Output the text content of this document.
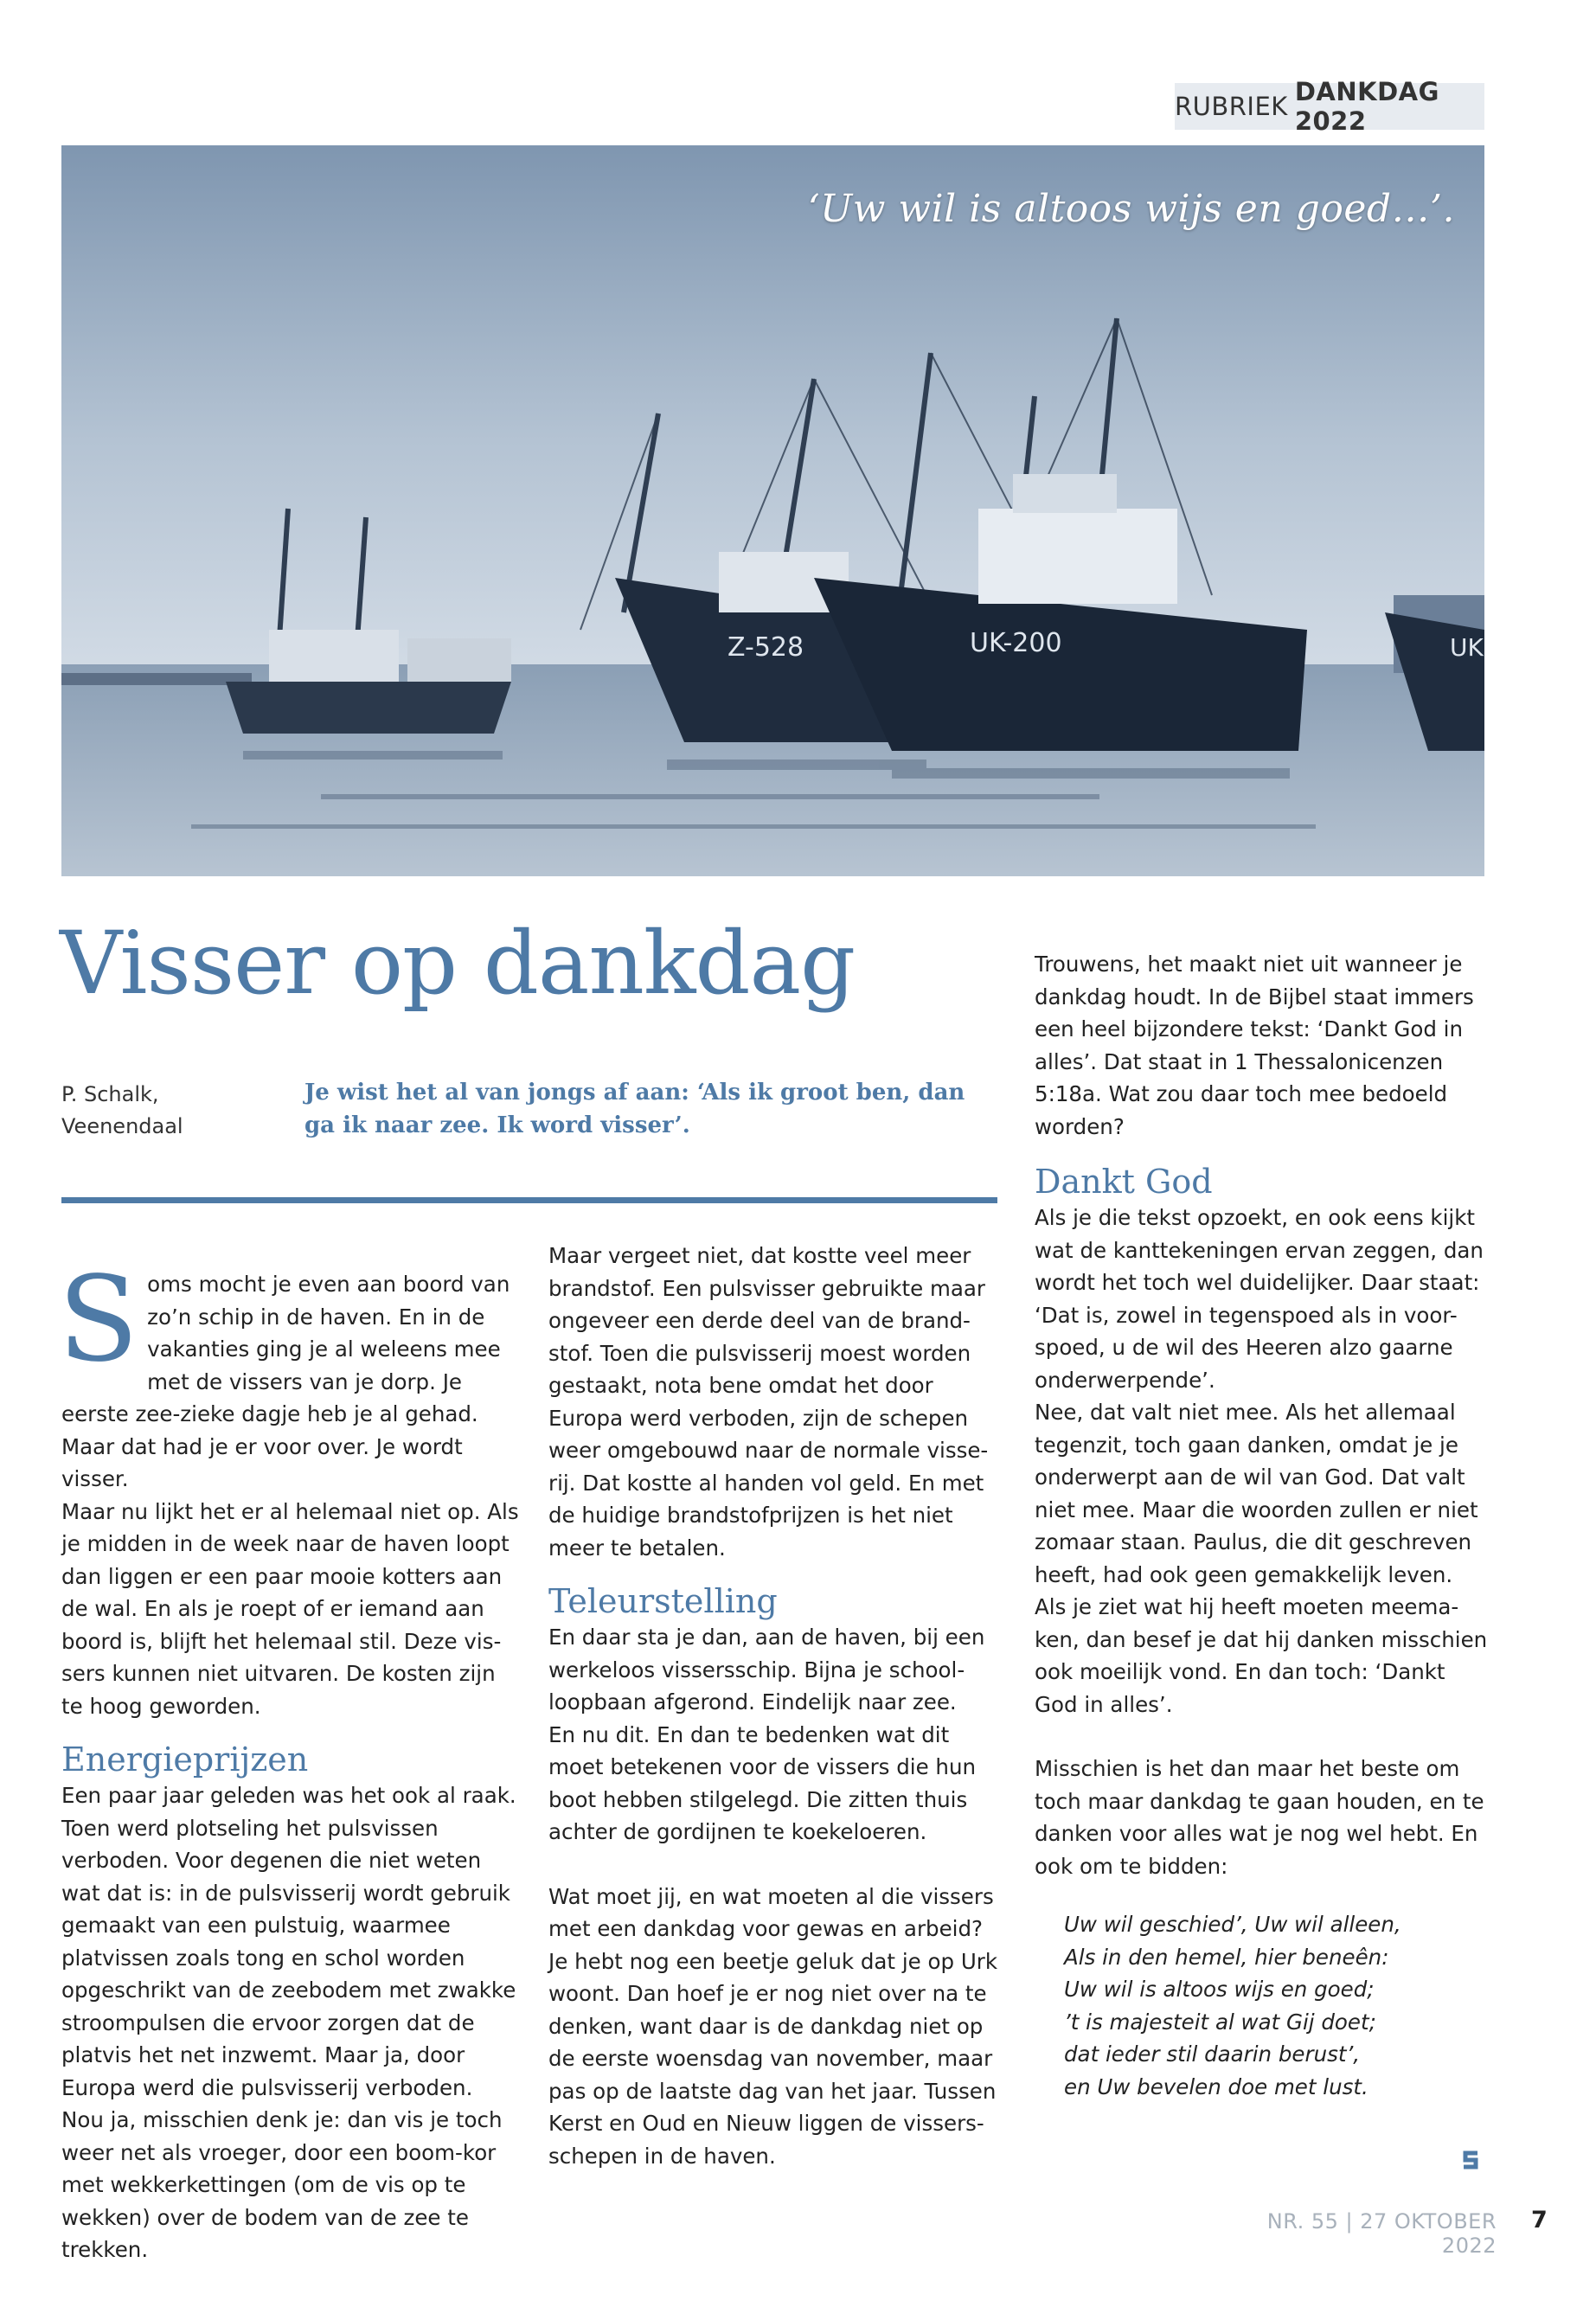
RUBRIEK DANKDAG 2022
Z-528	UK-200	UK
‘Uw wil is altoos wijs en goed…’.
Visser op dankdag
P. Schalk,
Veenendaal
Je wist het al van jongs af aan: ‘Als ik groot ben, dan ga ik naar zee. Ik word visser’.

Soms mocht je even aan boord van zo’n schip in de haven. En in de vakanties ging je al weleens mee met de vissers van je dorp. Je eerste zee-zieke dagje heb je al gehad. Maar dat had je er voor over. Je wordt visser.

Maar nu lijkt het er al helemaal niet op. Als je midden in de week naar de haven loopt dan liggen er een paar mooie kotters aan de wal. En als je roept of er iemand aan boord is, blijft het helemaal stil. Deze vis-sers kunnen niet uitvaren. De kosten zijn te hoog geworden.

Energieprijzen

Een paar jaar geleden was het ook al raak. Toen werd plotseling het pulsvissen verboden. Voor degenen die niet weten wat dat is: in de pulsvisserij wordt gebruik gemaakt van een pulstuig, waarmee platvissen zoals tong en schol worden opgeschrikt van de zeebodem met zwakke stroompulsen die ervoor zorgen dat de platvis het net inzwemt. Maar ja, door Europa werd die pulsvisserij verboden.

Nou ja, misschien denk je: dan vis je toch weer net als vroeger, door een boom-kor met wekkerkettingen (om de vis op te wekken) over de bodem van de zee te trekken.

Maar vergeet niet, dat kostte veel meer brandstof. Een pulsvisser gebruikte maar ongeveer een derde deel van de brand-stof. Toen die pulsvisserij moest worden gestaakt, nota bene omdat het door Europa werd verboden, zijn de schepen weer omgebouwd naar de normale visse-rij. Dat kostte al handen vol geld. En met de huidige brandstofprijzen is het niet meer te betalen.

Teleurstelling

En daar sta je dan, aan de haven, bij een werkeloos vissersschip. Bijna je school-loopbaan afgerond. Eindelijk naar zee.

En nu dit. En dan te bedenken wat dit moet betekenen voor de vissers die hun boot hebben stilgelegd. Die zitten thuis achter de gordijnen te koekeloeren.

Wat moet jij, en wat moeten al die vissers met een dankdag voor gewas en arbeid? Je hebt nog een beetje geluk dat je op Urk woont. Dan hoef je er nog niet over na te denken, want daar is de dankdag niet op de eerste woensdag van november, maar pas op de laatste dag van het jaar. Tussen Kerst en Oud en Nieuw liggen de vissers-schepen in de haven.

Trouwens, het maakt niet uit wanneer je dankdag houdt. In de Bijbel staat immers een heel bijzondere tekst: ‘Dankt God in alles’. Dat staat in 1 Thessalonicenzen 5:18a. Wat zou daar toch mee bedoeld worden?

Dankt God

Als je die tekst opzoekt, en ook eens kijkt wat de kanttekeningen ervan zeggen, dan wordt het toch wel duidelijker. Daar staat: ‘Dat is, zowel in tegenspoed als in voor-spoed, u de wil des Heeren alzo gaarne onderwerpende’.

Nee, dat valt niet mee. Als het allemaal tegenzit, toch gaan danken, omdat je je onderwerpt aan de wil van God. Dat valt niet mee. Maar die woorden zullen er niet zomaar staan. Paulus, die dit geschreven heeft, had ook geen gemakkelijk leven. Als je ziet wat hij heeft moeten meema-ken, dan besef je dat hij danken misschien ook moeilijk vond. En dan toch: ‘Dankt God in alles’.

Misschien is het dan maar het beste om toch maar dankdag te gaan houden, en te danken voor alles wat je nog wel hebt. En ook om te bidden:

Uw wil geschied’, Uw wil alleen,
Als in den hemel, hier beneên:
Uw wil is altoos wijs en goed;
’t is majesteit al wat Gij doet;
dat ieder stil daarin berust’,
en Uw bevelen doe met lust.
NR. 55 | 27 OKTOBER 2022
7
